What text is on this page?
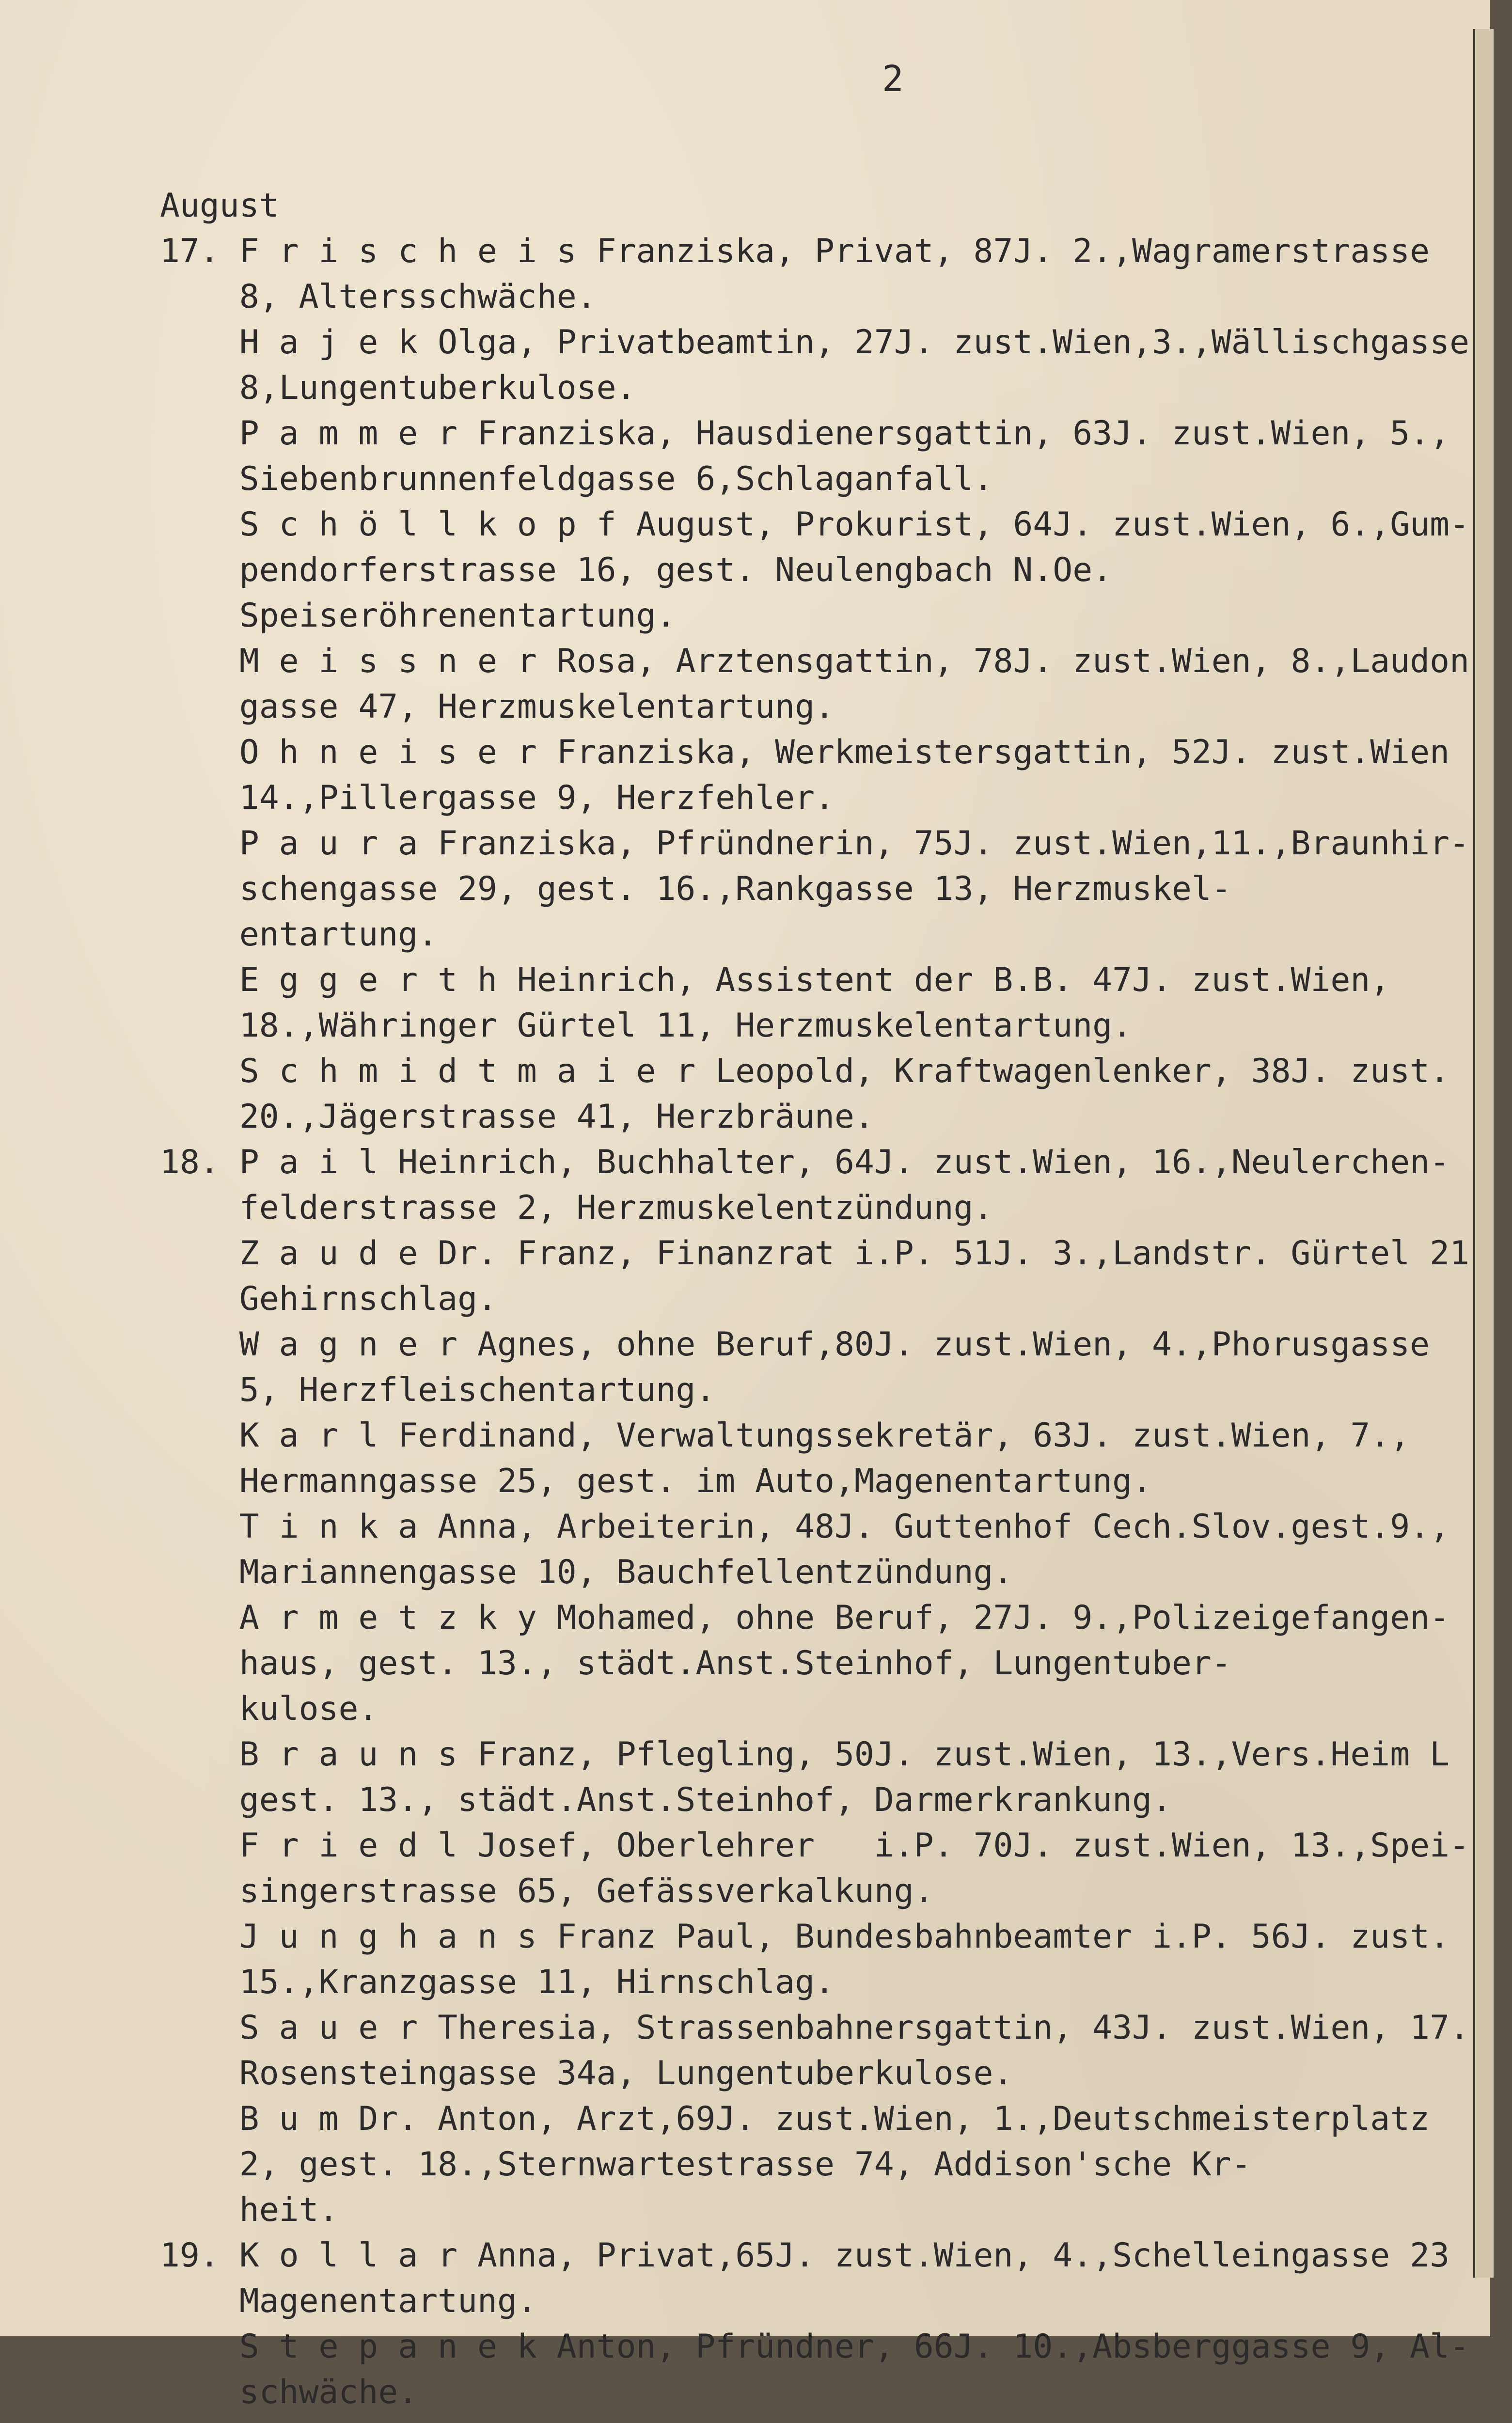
2

August
17. F r i s c h e i s Franziska, Privat, 87J. 2.,Wagramerstrasse
8, Altersschwäche.
H a j e k Olga, Privatbeamtin, 27J. zust.Wien,3.,Wällischgasse
8,Lungentuberkulose.
P a m m e r Franziska, Hausdienersgattin, 63J. zust.Wien, 5.,
Siebenbrunnenfeldgasse 6,Schlaganfall.
S c h ö l l k o p f August, Prokurist, 64J. zust.Wien, 6.,Gum-
pendorferstrasse 16, gest. Neulengbach N.Oe.
Speiseröhrenentartung.
M e i s s n e r Rosa, Arztensgattin, 78J. zust.Wien, 8.,Laudon
gasse 47, Herzmuskelentartung.
O h n e i s e r Franziska, Werkmeistersgattin, 52J. zust.Wien
14.,Pillergasse 9, Herzfehler.
P a u r a Franziska, Pfründnerin, 75J. zust.Wien,11.,Braunhir-
schengasse 29, gest. 16.,Rankgasse 13, Herzmuskel-
entartung.
E g g e r t h Heinrich, Assistent der B.B. 47J. zust.Wien,
18.,Währinger Gürtel 11, Herzmuskelentartung.
S c h m i d t m a i e r Leopold, Kraftwagenlenker, 38J. zust.
20.,Jägerstrasse 41, Herzbräune.
18. P a i l Heinrich, Buchhalter, 64J. zust.Wien, 16.,Neulerchen-
felderstrasse 2, Herzmuskelentzündung.
Z a u d e Dr. Franz, Finanzrat i.P. 51J. 3.,Landstr. Gürtel 21
Gehirnschlag.
W a g n e r Agnes, ohne Beruf,80J. zust.Wien, 4.,Phorusgasse
5, Herzfleischentartung.
K a r l Ferdinand, Verwaltungssekretär, 63J. zust.Wien, 7.,
Hermanngasse 25, gest. im Auto,Magenentartung.
T i n k a Anna, Arbeiterin, 48J. Guttenhof Cech.Slov.gest.9.,
Mariannengasse 10, Bauchfellentzündung.
A r m e t z k y Mohamed, ohne Beruf, 27J. 9.,Polizeigefangen-
haus, gest. 13., städt.Anst.Steinhof, Lungentuber-
kulose.
B r a u n s Franz, Pflegling, 50J. zust.Wien, 13.,Vers.Heim L
gest. 13., städt.Anst.Steinhof, Darmerkrankung.
F r i e d l Josef, Oberlehrer   i.P. 70J. zust.Wien, 13.,Spei-
singerstrasse 65, Gefässverkalkung.
J u n g h a n s Franz Paul, Bundesbahnbeamter i.P. 56J. zust.
15.,Kranzgasse 11, Hirnschlag.
S a u e r Theresia, Strassenbahnersgattin, 43J. zust.Wien, 17.
Rosensteingasse 34a, Lungentuberkulose.
B u m Dr. Anton, Arzt,69J. zust.Wien, 1.,Deutschmeisterplatz
2, gest. 18.,Sternwartestrasse 74, Addison'sche Kr-
heit.
19. K o l l a r Anna, Privat,65J. zust.Wien, 4.,Schelleingasse 23
Magenentartung.
S t e p a n e k Anton, Pfründner, 66J. 10.,Absberggasse 9, Al-
schwäche.
